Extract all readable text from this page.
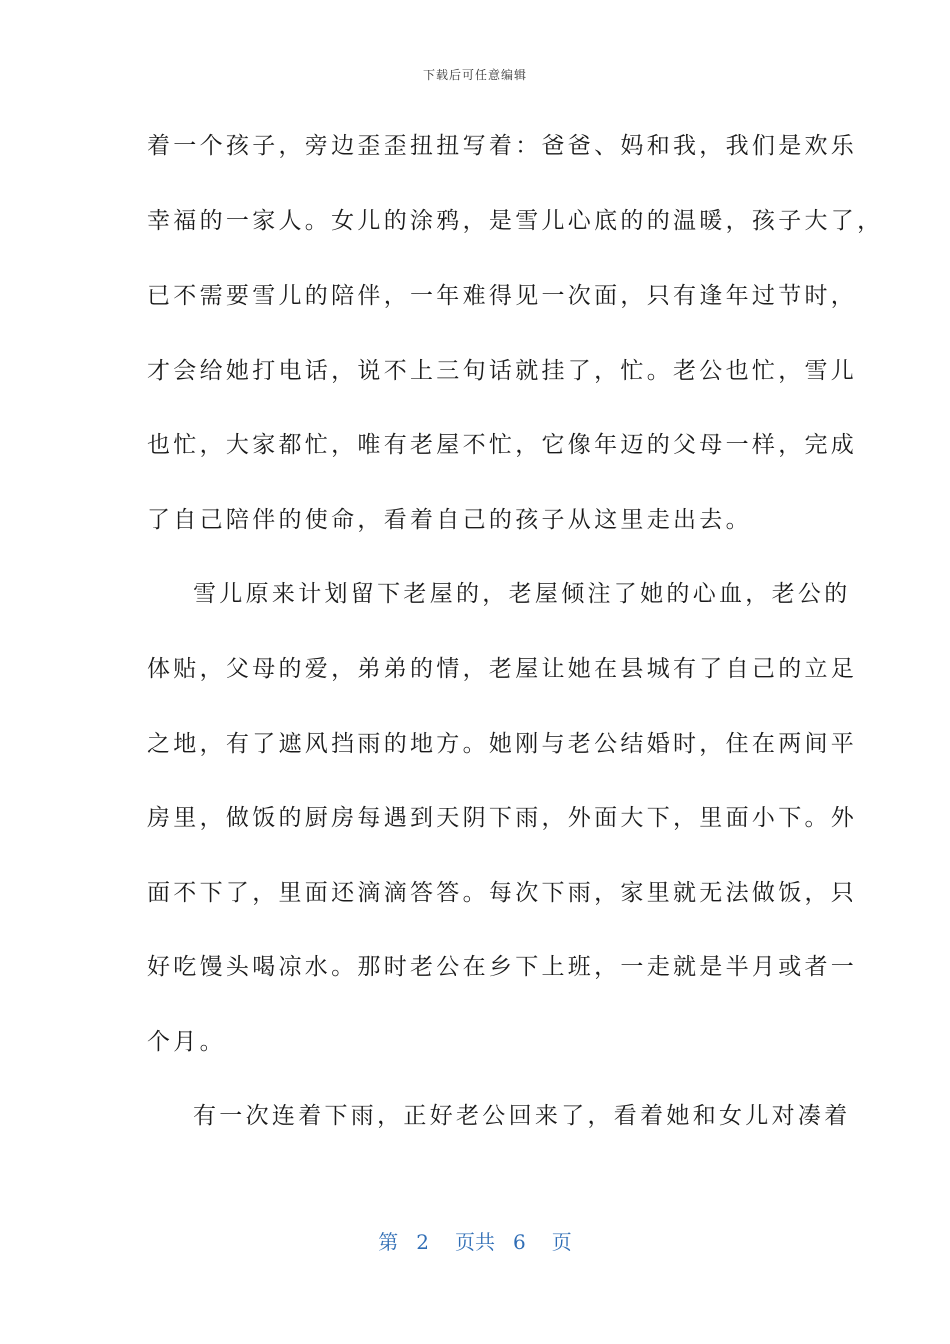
下载后可任意编辑
着一个孩子，旁边歪歪扭扭写着：爸爸、妈和我，我们是欢乐
幸福的一家人。女儿的涂鸦，是雪儿心底的的温暖，孩子大了，
已不需要雪儿的陪伴，一年难得见一次面，只有逢年过节时，
才会给她打电话，说不上三句话就挂了，忙。老公也忙，雪儿
也忙，大家都忙，唯有老屋不忙，它像年迈的父母一样，完成
了自己陪伴的使命，看着自己的孩子从这里走出去。
雪儿原来计划留下老屋的，老屋倾注了她的心血，老公的
体贴，父母的爱，弟弟的情，老屋让她在县城有了自己的立足
之地，有了遮风挡雨的地方。她刚与老公结婚时，住在两间平
房里，做饭的厨房每遇到天阴下雨，外面大下，里面小下。外
面不下了，里面还滴滴答答。每次下雨，家里就无法做饭，只
好吃馒头喝凉水。那时老公在乡下上班，一走就是半月或者一
个月。
有一次连着下雨，正好老公回来了，看着她和女儿对凑着
第 2 页共 6 页
